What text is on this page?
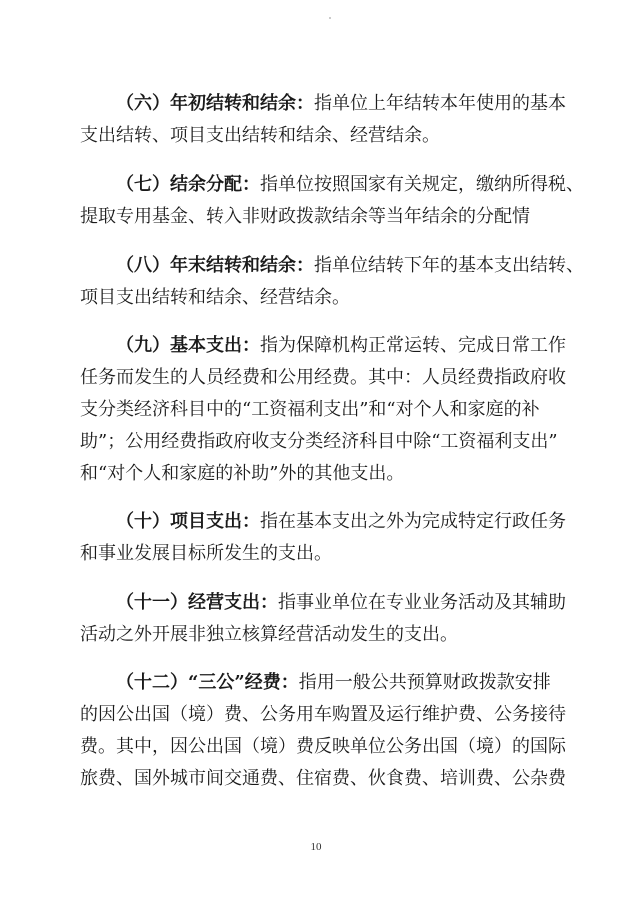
（六）年初结转和结余：指单位上年结转本年使用的基本
支出结转、项目支出结转和结余、经营结余。
（七）结余分配：指单位按照国家有关规定，缴纳所得税、
提取专用基金、转入非财政拨款结余等当年结余的分配情
（八）年末结转和结余：指单位结转下年的基本支出结转、
项目支出结转和结余、经营结余。
（九）基本支出：指为保障机构正常运转、完成日常工作
任务而发生的人员经费和公用经费。其中：人员经费指政府收
支分类经济科目中的“工资福利支出”和“对个人和家庭的补
助”；公用经费指政府收支分类经济科目中除“工资福利支出”
和“对个人和家庭的补助”外的其他支出。
（十）项目支出：指在基本支出之外为完成特定行政任务
和事业发展目标所发生的支出。
（十一）经营支出：指事业单位在专业业务活动及其辅助
活动之外开展非独立核算经营活动发生的支出。
（十二）“三公”经费：指用一般公共预算财政拨款安排
的因公出国（境）费、公务用车购置及运行维护费、公务接待
费。其中，因公出国（境）费反映单位公务出国（境）的国际
旅费、国外城市间交通费、住宿费、伙食费、培训费、公杂费
10
